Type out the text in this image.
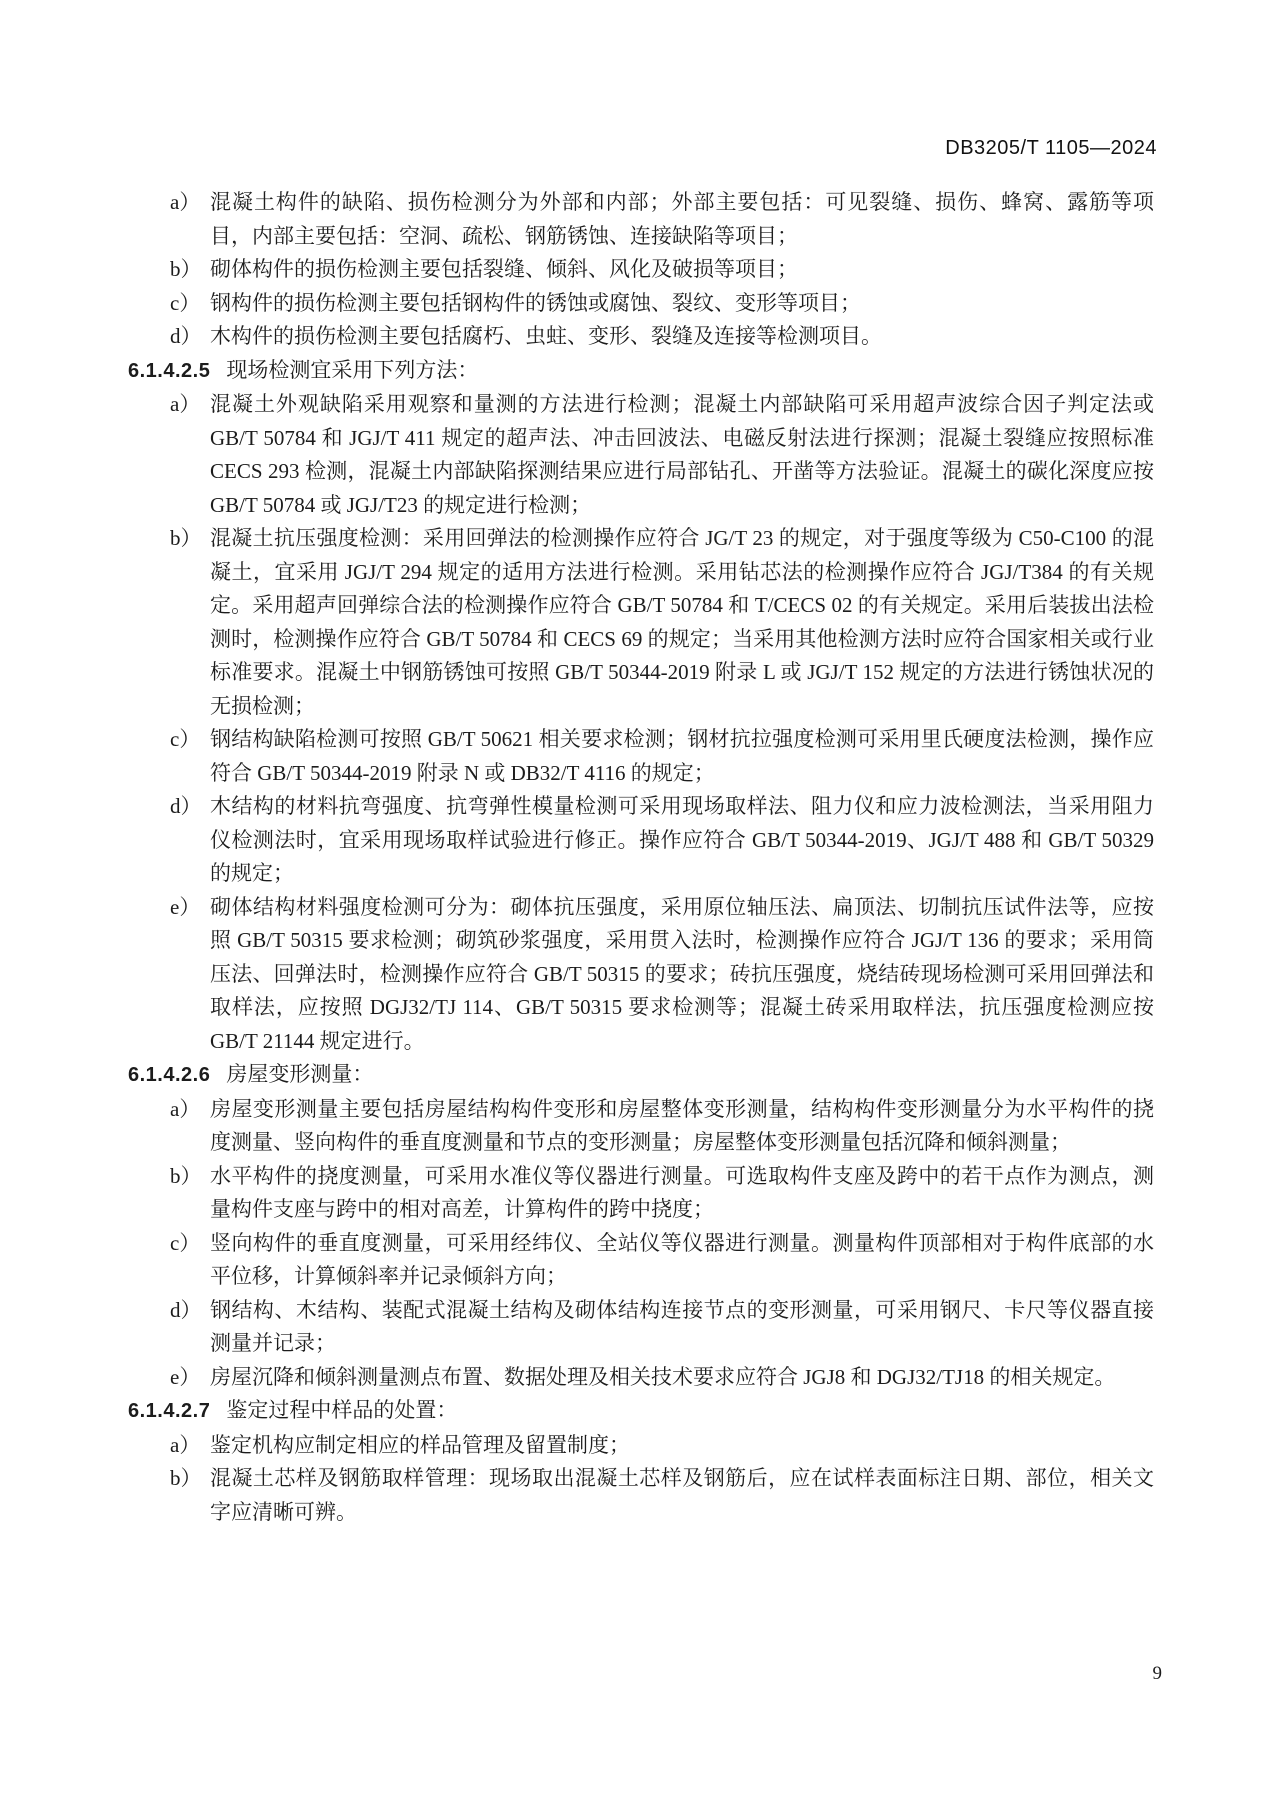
DB3205/T 1105—2024
a） 混凝土构件的缺陷、损伤检测分为外部和内部；外部主要包括：可见裂缝、损伤、蜂窝、露筋等项目，内部主要包括：空洞、疏松、钢筋锈蚀、连接缺陷等项目；
b） 砌体构件的损伤检测主要包括裂缝、倾斜、风化及破损等项目；
c） 钢构件的损伤检测主要包括钢构件的锈蚀或腐蚀、裂纹、变形等项目；
d） 木构件的损伤检测主要包括腐朽、虫蛀、变形、裂缝及连接等检测项目。
6.1.4.2.5 现场检测宜采用下列方法：
a） 混凝土外观缺陷采用观察和量测的方法进行检测；混凝土内部缺陷可采用超声波综合因子判定法或 GB/T 50784 和 JGJ/T 411 规定的超声法、冲击回波法、电磁反射法进行探测；混凝土裂缝应按照标准 CECS 293 检测，混凝土内部缺陷探测结果应进行局部钻孔、开凿等方法验证。混凝土的碳化深度应按 GB/T 50784 或 JGJ/T23 的规定进行检测；
b） 混凝土抗压强度检测：采用回弹法的检测操作应符合 JG/T 23 的规定，对于强度等级为 C50-C100 的混凝土，宜采用 JGJ/T 294 规定的适用方法进行检测。采用钻芯法的检测操作应符合 JGJ/T384 的有关规定。采用超声回弹综合法的检测操作应符合 GB/T 50784 和 T/CECS 02 的有关规定。采用后装拔出法检测时，检测操作应符合 GB/T 50784 和 CECS 69 的规定；当采用其他检测方法时应符合国家相关或行业标准要求。混凝土中钢筋锈蚀可按照 GB/T 50344-2019 附录 L 或 JGJ/T 152 规定的方法进行锈蚀状况的无损检测；
c） 钢结构缺陷检测可按照 GB/T 50621 相关要求检测；钢材抗拉强度检测可采用里氏硬度法检测，操作应符合 GB/T 50344-2019 附录 N 或 DB32/T 4116 的规定；
d） 木结构的材料抗弯强度、抗弯弹性模量检测可采用现场取样法、阻力仪和应力波检测法，当采用阻力仪检测法时，宜采用现场取样试验进行修正。操作应符合 GB/T 50344-2019、JGJ/T 488 和 GB/T 50329 的规定；
e） 砌体结构材料强度检测可分为：砌体抗压强度，采用原位轴压法、扁顶法、切制抗压试件法等，应按照 GB/T 50315 要求检测；砌筑砂浆强度，采用贯入法时，检测操作应符合 JGJ/T 136 的要求；采用筒压法、回弹法时，检测操作应符合 GB/T 50315 的要求；砖抗压强度，烧结砖现场检测可采用回弹法和取样法，应按照 DGJ32/TJ 114、GB/T 50315 要求检测等；混凝土砖采用取样法，抗压强度检测应按 GB/T 21144 规定进行。
6.1.4.2.6 房屋变形测量：
a） 房屋变形测量主要包括房屋结构构件变形和房屋整体变形测量，结构构件变形测量分为水平构件的挠度测量、竖向构件的垂直度测量和节点的变形测量；房屋整体变形测量包括沉降和倾斜测量；
b） 水平构件的挠度测量，可采用水准仪等仪器进行测量。可选取构件支座及跨中的若干点作为测点，测量构件支座与跨中的相对高差，计算构件的跨中挠度；
c） 竖向构件的垂直度测量，可采用经纬仪、全站仪等仪器进行测量。测量构件顶部相对于构件底部的水平位移，计算倾斜率并记录倾斜方向；
d） 钢结构、木结构、装配式混凝土结构及砌体结构连接节点的变形测量，可采用钢尺、卡尺等仪器直接测量并记录；
e） 房屋沉降和倾斜测量测点布置、数据处理及相关技术要求应符合 JGJ8 和 DGJ32/TJ18 的相关规定。
6.1.4.2.7 鉴定过程中样品的处置：
a） 鉴定机构应制定相应的样品管理及留置制度；
b） 混凝土芯样及钢筋取样管理：现场取出混凝土芯样及钢筋后，应在试样表面标注日期、部位，相关文字应清晰可辨。
9
